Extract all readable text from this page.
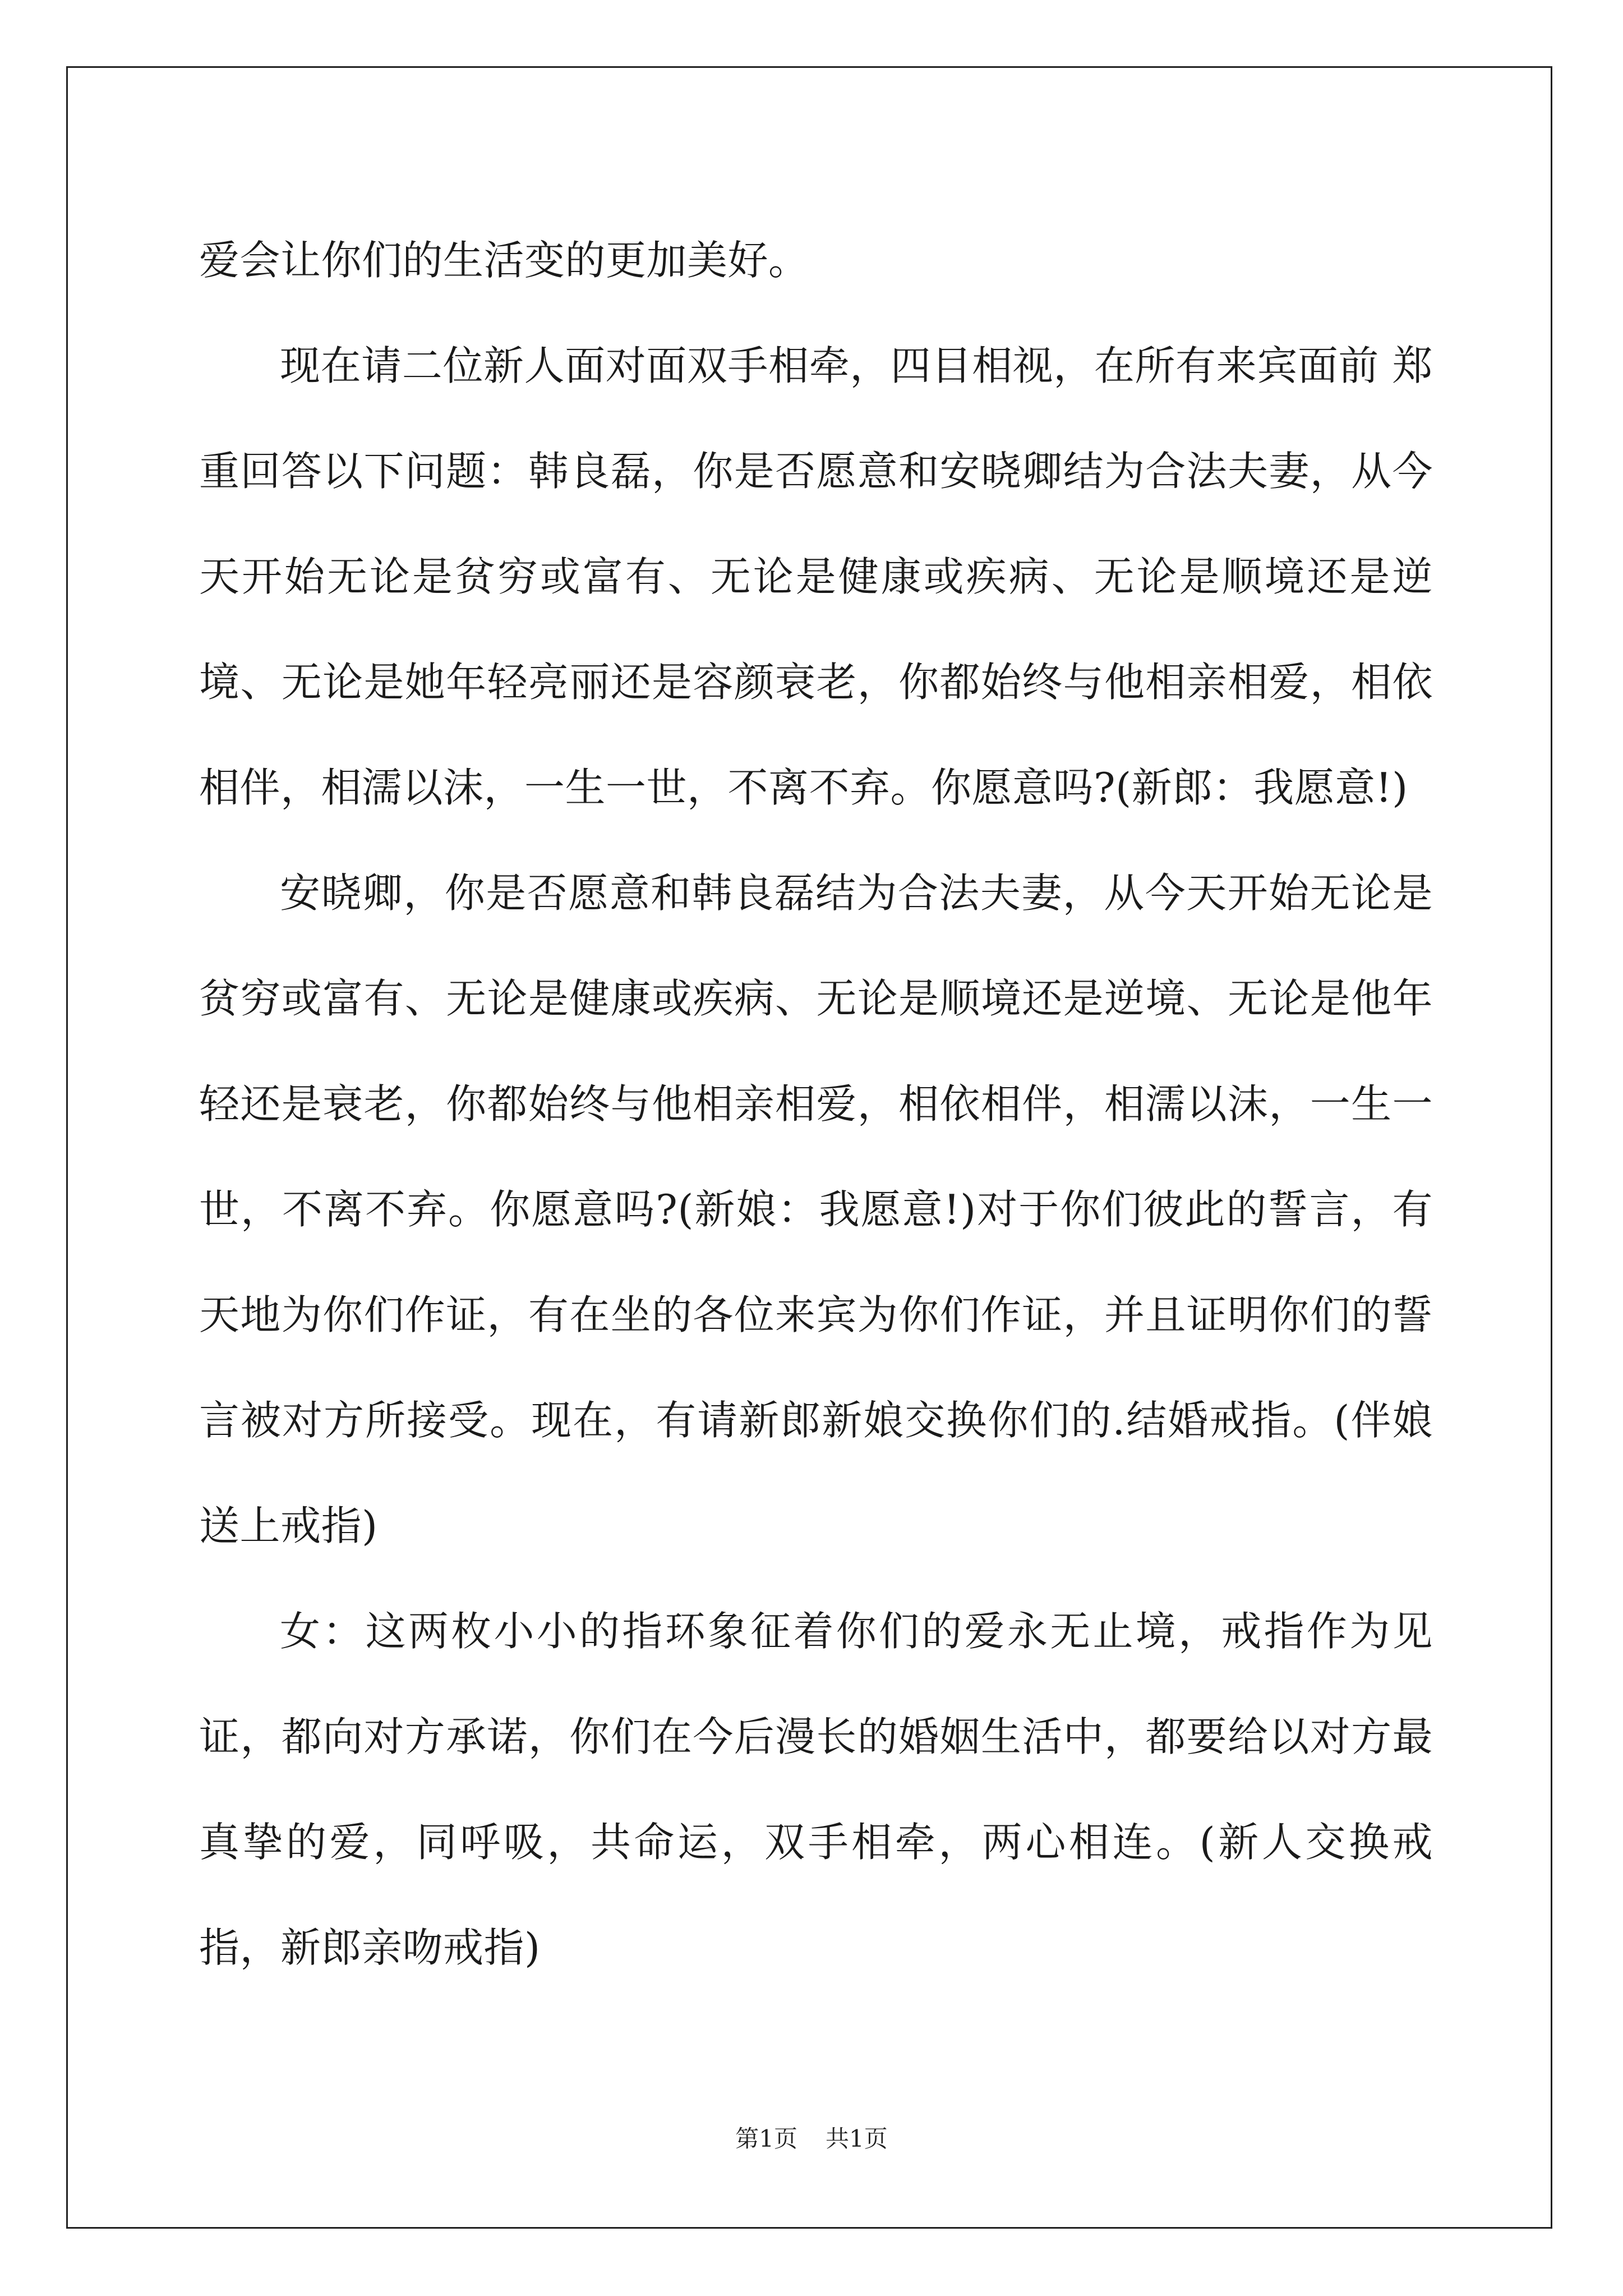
爱会让你们的生活变的更加美好。

现在请二位新人面对面双手相牵，四目相视，在所有来宾面前 郑重回答以下问题：韩良磊，你是否愿意和安晓卿结为合法夫妻，从今天开始无论是贫穷或富有、无论是健康或疾病、无论是顺境还是逆境、无论是她年轻亮丽还是容颜衰老，你都始终与他相亲相爱，相依相伴，相濡以沫，一生一世，不离不弃。你愿意吗?(新郎：我愿意!)

安晓卿，你是否愿意和韩良磊结为合法夫妻，从今天开始无论是贫穷或富有、无论是健康或疾病、无论是顺境还是逆境、无论是他年轻还是衰老，你都始终与他相亲相爱，相依相伴，相濡以沫，一生一世，不离不弃。你愿意吗?(新娘：我愿意!)对于你们彼此的誓言，有天地为你们作证，有在坐的各位来宾为你们作证，并且证明你们的誓言被对方所接受。现在，有请新郎新娘交换你们的.结婚戒指。(伴娘送上戒指)

女：这两枚小小的指环象征着你们的爱永无止境，戒指作为见证，都向对方承诺，你们在今后漫长的婚姻生活中，都要给以对方最真挚的爱，同呼吸，共命运，双手相牵，两心相连。(新人交换戒指，新郎亲吻戒指)

第1页 共1页
